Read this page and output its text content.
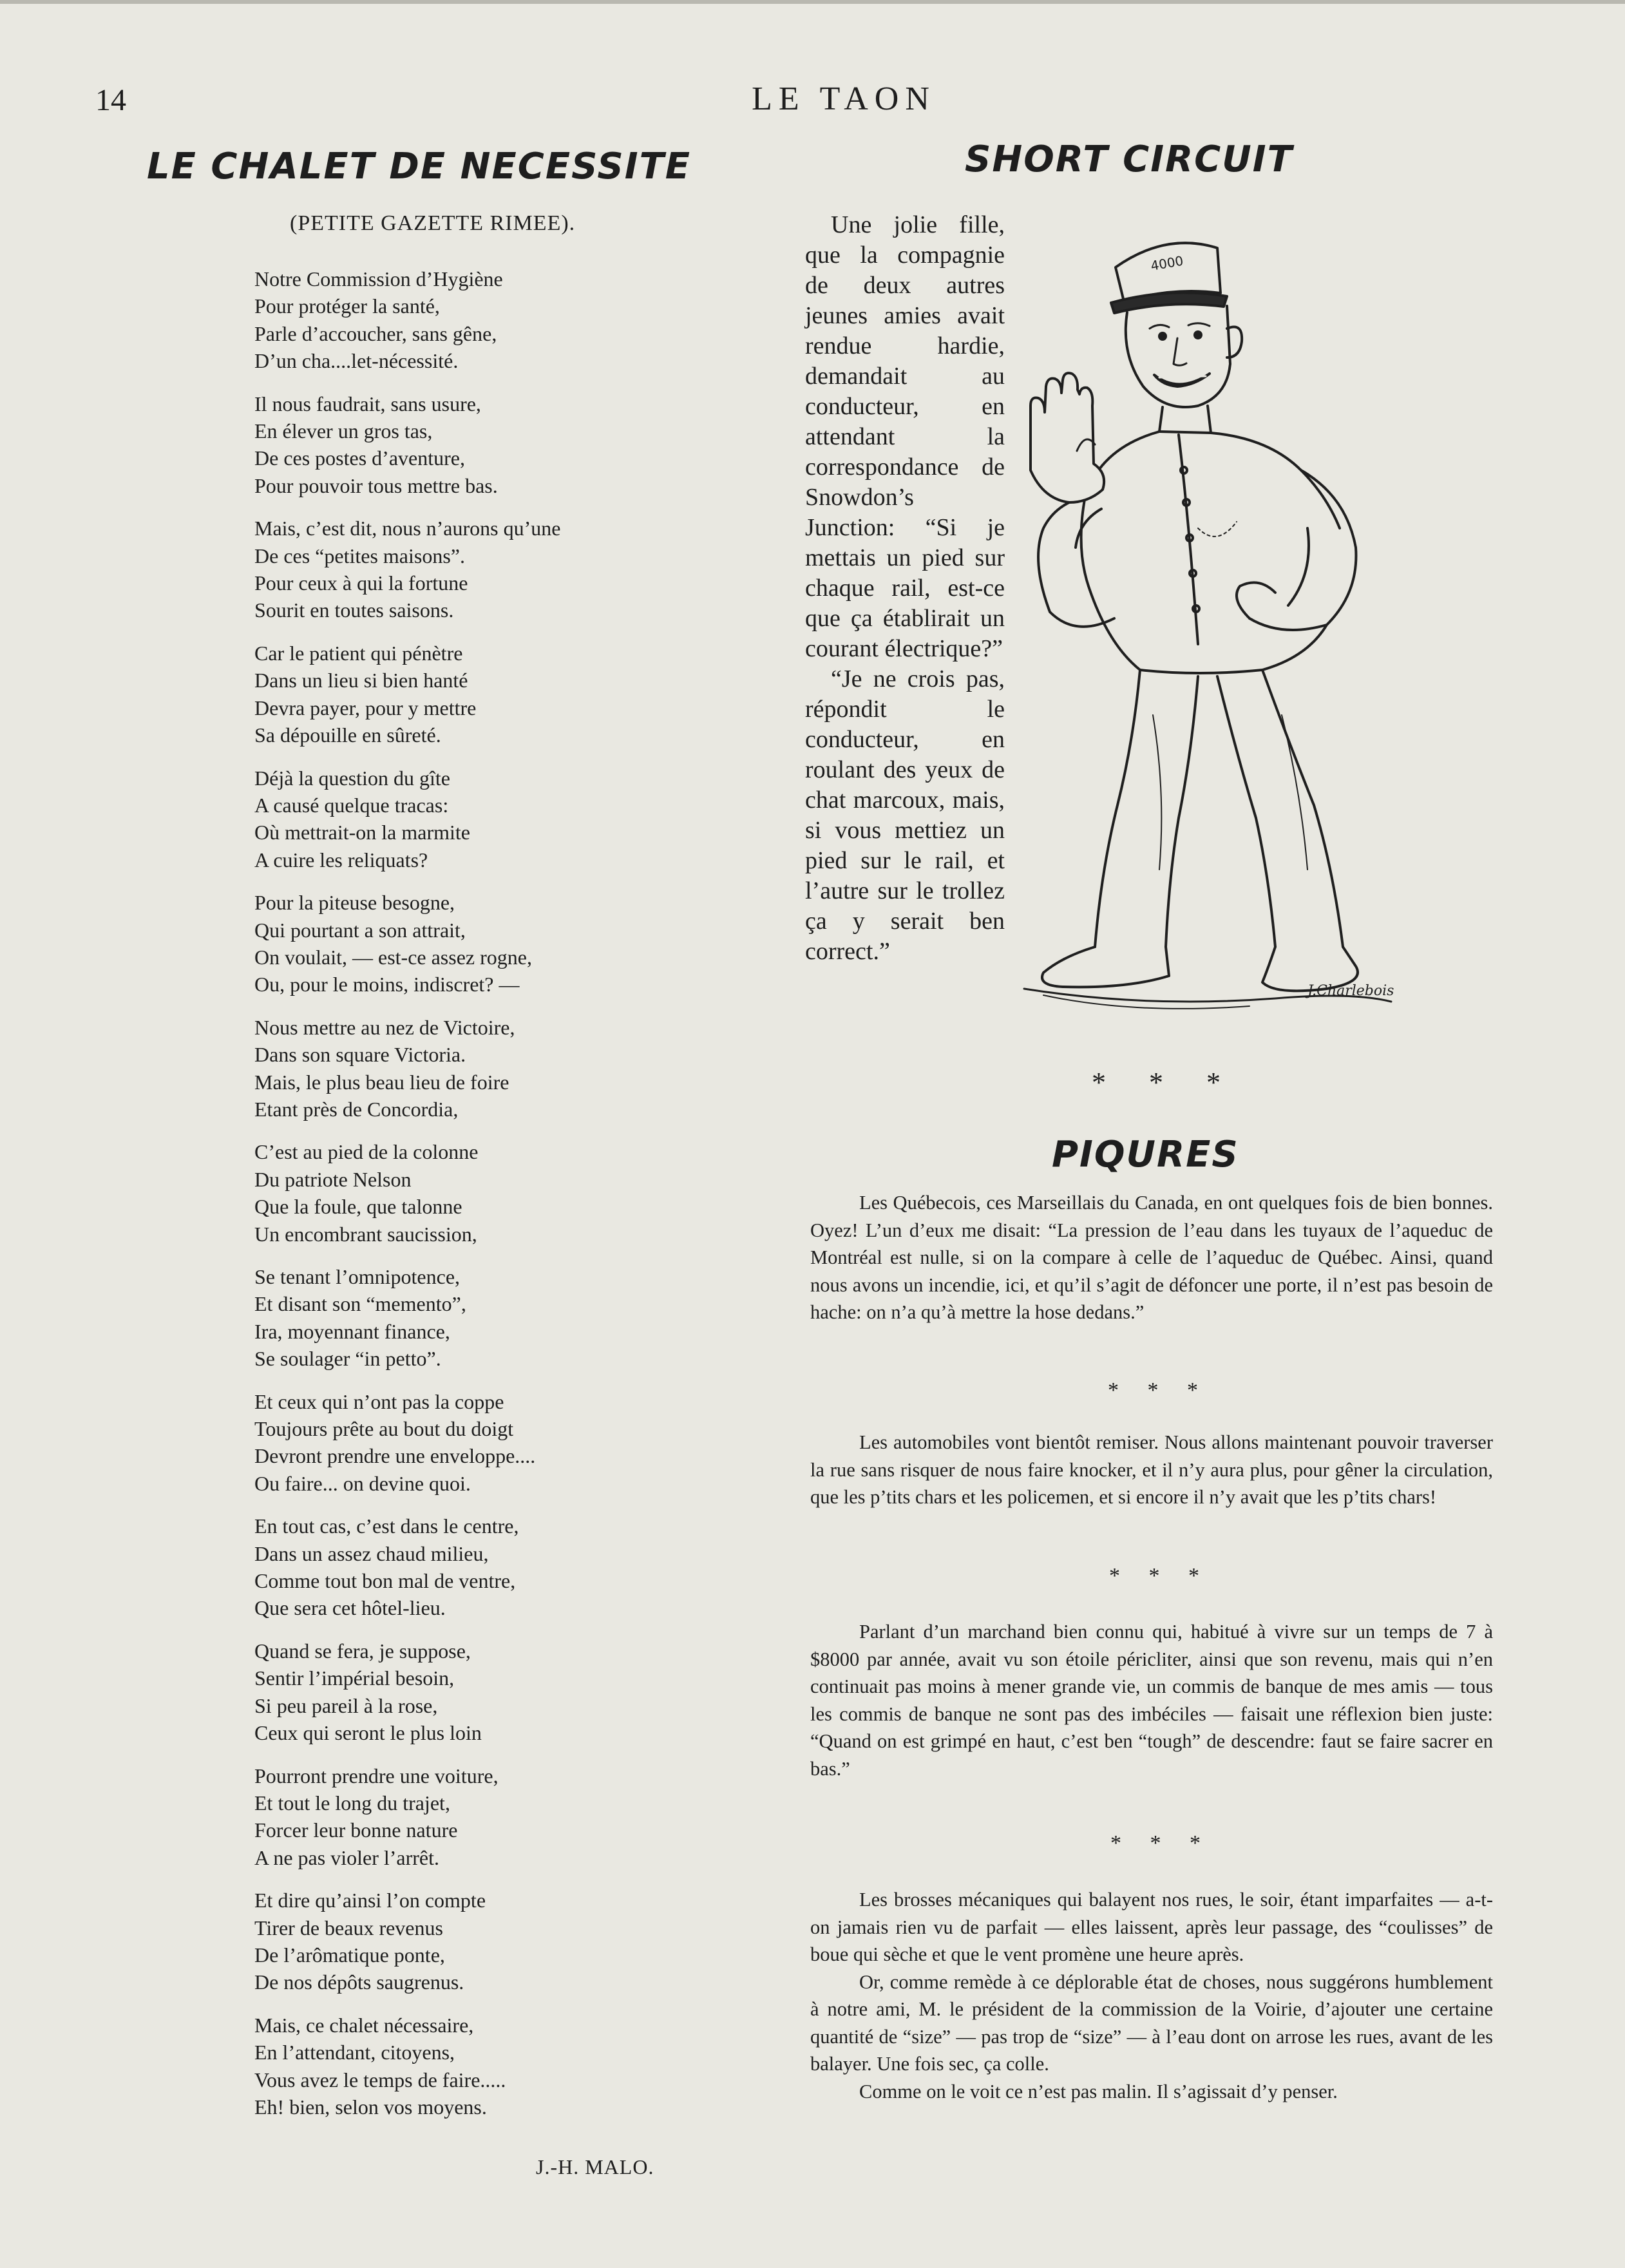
14	LE TAON
LE CHALET DE NECESSITE
(PETITE GAZETTE RIMEE).
Notre Commission d’Hygiène
Pour protéger la santé,
Parle d’accoucher, sans gêne,
D’un cha....let-nécessité.
Il nous faudrait, sans usure,
En élever un gros tas,
De ces postes d’aventure,
Pour pouvoir tous mettre bas.
Mais, c’est dit, nous n’aurons qu’une
De ces “petites maisons”.
Pour ceux à qui la fortune
Sourit en toutes saisons.
Car le patient qui pénètre
Dans un lieu si bien hanté
Devra payer, pour y mettre
Sa dépouille en sûreté.
Déjà la question du gîte
A causé quelque tracas:
Où mettrait-on la marmite
A cuire les reliquats?
Pour la piteuse besogne,
Qui pourtant a son attrait,
On voulait, — est-ce assez rogne,
Ou, pour le moins, indiscret? —
Nous mettre au nez de Victoire,
Dans son square Victoria.
Mais, le plus beau lieu de foire
Etant près de Concordia,
C’est au pied de la colonne
Du patriote Nelson
Que la foule, que talonne
Un encombrant saucission,
Se tenant l’omnipotence,
Et disant son “memento”,
Ira, moyennant finance,
Se soulager “in petto”.
Et ceux qui n’ont pas la coppe
Toujours prête au bout du doigt
Devront prendre une enveloppe....
Ou faire... on devine quoi.
En tout cas, c’est dans le centre,
Dans un assez chaud milieu,
Comme tout bon mal de ventre,
Que sera cet hôtel-lieu.
Quand se fera, je suppose,
Sentir l’impérial besoin,
Si peu pareil à la rose,
Ceux qui seront le plus loin
Pourront prendre une voiture,
Et tout le long du trajet,
Forcer leur bonne nature
A ne pas violer l’arrêt.
Et dire qu’ainsi l’on compte
Tirer de beaux revenus
De l’arômatique ponte,
De nos dépôts saugrenus.
Mais, ce chalet nécessaire,
En l’attendant, citoyens,
Vous avez le temps de faire.....
Eh! bien, selon vos moyens.
J.-H. MALO.
SHORT CIRCUIT

Une jolie fille, que la compagnie de deux autres jeunes amies avait rendue hardie, demandait au conducteur, en attendant la correspondance de Snowdon’s Junction: “Si je mettais un pied sur chaque rail, est-ce que ça établirait un courant électrique?”

“Je ne crois pas, répondit le conducteur, en roulant des yeux de chat marcoux, mais, si vous mettiez un pied sur le rail, et l’autre sur le trollez ça y serait ben correct.”

4000
J.Charlebois
* * *
PIQURES

Les Québecois, ces Marseillais du Canada, en ont quelques fois de bien bonnes. Oyez! L’un d’eux me disait: “La pression de l’eau dans les tuyaux de l’aqueduc de Montréal est nulle, si on la compare à celle de l’aqueduc de Québec. Ainsi, quand nous avons un incendie, ici, et qu’il s’agit de défoncer une porte, il n’est pas besoin de hache: on n’a qu’à mettre la hose dedans.”

* * *

Les automobiles vont bientôt remiser. Nous allons maintenant pouvoir traverser la rue sans risquer de nous faire knocker, et il n’y aura plus, pour gêner la circulation, que les p’tits chars et les policemen, et si encore il n’y avait que les p’tits chars!

* * *

Parlant d’un marchand bien connu qui, habitué à vivre sur un temps de 7 à $8000 par année, avait vu son étoile péricliter, ainsi que son revenu, mais qui n’en continuait pas moins à mener grande vie, un commis de banque de mes amis — tous les commis de banque ne sont pas des imbéciles — faisait une réflexion bien juste: “Quand on est grimpé en haut, c’est ben “tough” de descendre: faut se faire sacrer en bas.”

* * *

Les brosses mécaniques qui balayent nos rues, le soir, étant imparfaites — a-t-on jamais rien vu de parfait — elles laissent, après leur passage, des “coulisses” de boue qui sèche et que le vent promène une heure après.

Or, comme remède à ce déplorable état de choses, nous suggérons humblement à notre ami, M. le président de la commission de la Voirie, d’ajouter une certaine quantité de “size” — pas trop de “size” — à l’eau dont on arrose les rues, avant de les balayer. Une fois sec, ça colle.

Comme on le voit ce n’est pas malin. Il s’agissait d’y penser.
